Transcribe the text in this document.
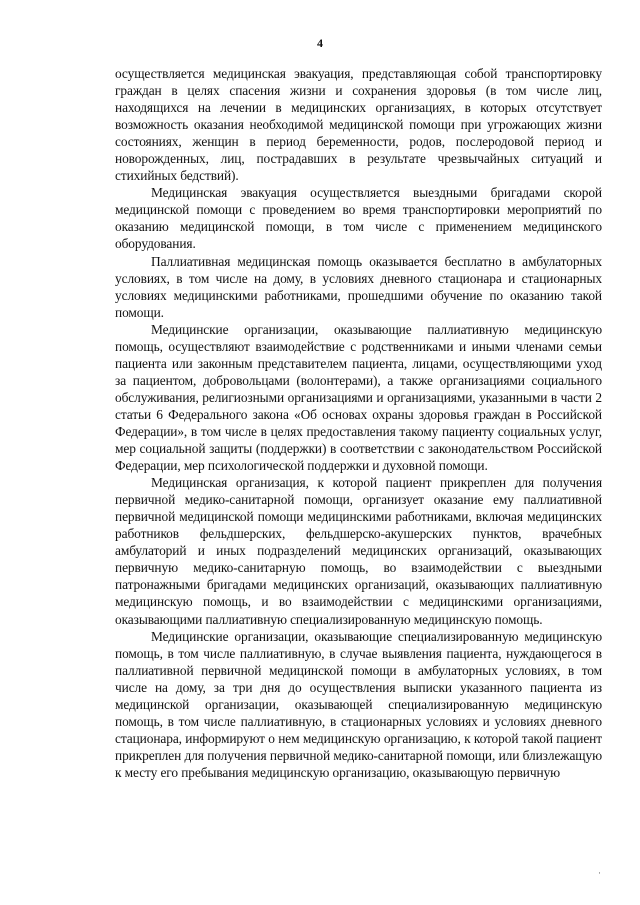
4

осуществляется медицинская эвакуация, представляющая собой транспортировку граждан в целях спасения жизни и сохранения здоровья (в том числе лиц, находящихся на лечении в медицинских организациях, в которых отсутствует возможность оказания необходимой медицинской помощи при угрожающих жизни состояниях, женщин в период беременности, родов, послеродовой период и новорожденных, лиц, пострадавших в результате чрезвычайных ситуаций и стихийных бедствий).

Медицинская эвакуация осуществляется выездными бригадами скорой медицинской помощи с проведением во время транспортировки мероприятий по оказанию медицинской помощи, в том числе с применением медицинского оборудования.

Паллиативная медицинская помощь оказывается бесплатно в амбулаторных условиях, в том числе на дому, в условиях дневного стационара и стационарных условиях медицинскими работниками, прошедшими обучение по оказанию такой помощи.

Медицинские организации, оказывающие паллиативную медицинскую помощь, осуществляют взаимодействие с родственниками и иными членами семьи пациента или законным представителем пациента, лицами, осуществляющими уход за пациентом, добровольцами (волонтерами), а также организациями социального обслуживания, религиозными организациями и организациями, указанными в части 2 статьи 6 Федерального закона «Об основах охраны здоровья граждан в Российской Федерации», в том числе в целях предоставления такому пациенту социальных услуг, мер социальной защиты (поддержки) в соответствии с законодательством Российской Федерации, мер психологической поддержки и духовной помощи.

Медицинская организация, к которой пациент прикреплен для получения первичной медико-санитарной помощи, организует оказание ему паллиативной первичной медицинской помощи медицинскими работниками, включая медицинских работников фельдшерских, фельдшерско-акушерских пунктов, врачебных амбулаторий и иных подразделений медицинских организаций, оказывающих первичную медико-санитарную помощь, во взаимодействии с выездными патронажными бригадами медицинских организаций, оказывающих паллиативную медицинскую помощь, и во взаимодействии с медицинскими организациями, оказывающими паллиативную специализированную медицинскую помощь.

Медицинские организации, оказывающие специализированную медицинскую помощь, в том числе паллиативную, в случае выявления пациента, нуждающегося в паллиативной первичной медицинской помощи в амбулаторных условиях, в том числе на дому, за три дня до осуществления выписки указанного пациента из медицинской организации, оказывающей специализированную медицинскую помощь, в том числе паллиативную, в стационарных условиях и условиях дневного стационара, информируют о нем медицинскую организацию, к которой такой пациент прикреплен для получения первичной медико-санитарной помощи, или близлежащую к месту его пребывания медицинскую организацию, оказывающую первичную

·
